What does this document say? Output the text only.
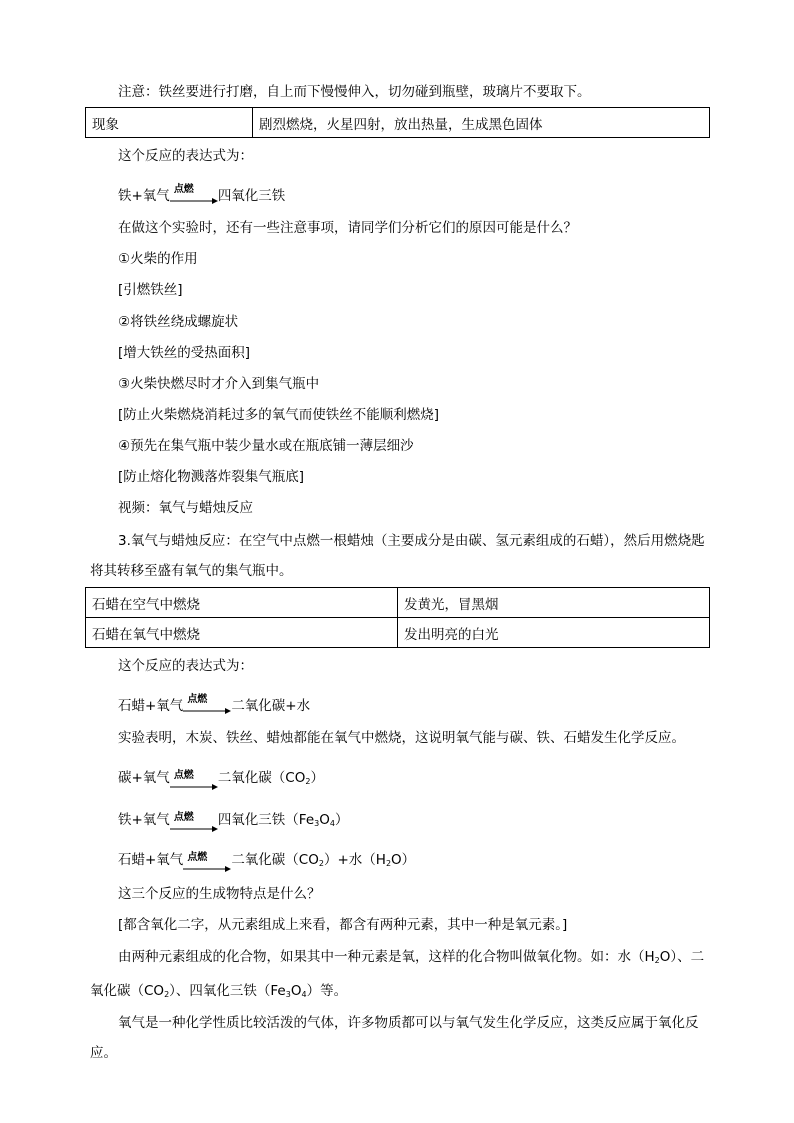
注意：铁丝要进行打磨，自上而下慢慢伸入，切勿碰到瓶壁，玻璃片不要取下。
现象	剧烈燃烧，火星四射，放出热量，生成黑色固体
这个反应的表达式为：
铁+氧气 点燃 四氧化三铁
在做这个实验时，还有一些注意事项，请同学们分析它们的原因可能是什么？
①火柴的作用
[引燃铁丝]
②将铁丝绕成螺旋状
[增大铁丝的受热面积]
③火柴快燃尽时才介入到集气瓶中
[防止火柴燃烧消耗过多的氧气而使铁丝不能顺利燃烧]
④预先在集气瓶中装少量水或在瓶底铺一薄层细沙
[防止熔化物溅落炸裂集气瓶底]
视频：氧气与蜡烛反应
3.氧气与蜡烛反应：在空气中点燃一根蜡烛（主要成分是由碳、氢元素组成的石蜡），然后用燃烧匙将其转移至盛有氧气的集气瓶中。
石蜡在空气中燃烧	发黄光，冒黑烟
石蜡在氧气中燃烧	发出明亮的白光
这个反应的表达式为：
石蜡+氧气 点燃 二氧化碳+水
实验表明，木炭、铁丝、蜡烛都能在氧气中燃烧，这说明氧气能与碳、铁、石蜡发生化学反应。
碳+氧气 点燃 二氧化碳$(CO_2)$
铁+氧气 点燃 四氧化三铁$(Fe_3O_4)$
石蜡+氧气 点燃 二氧化碳$(CO_2)+$水$(H_2O)$
这三个反应的生成物特点是什么？
[都含氧化二字，从元素组成上来看，都含有两种元素，其中一种是氧元素。]
由两种元素组成的化合物，如果其中一种元素是氧，这样的化合物叫做氧化物。如：水$(H_2O)$、二氧化碳$(CO_2)$、四氧化三铁$(Fe_3O_4)$等。
氧气是一种化学性质比较活泼的气体，许多物质都可以与氧气发生化学反应，这类反应属于氧化反应。
